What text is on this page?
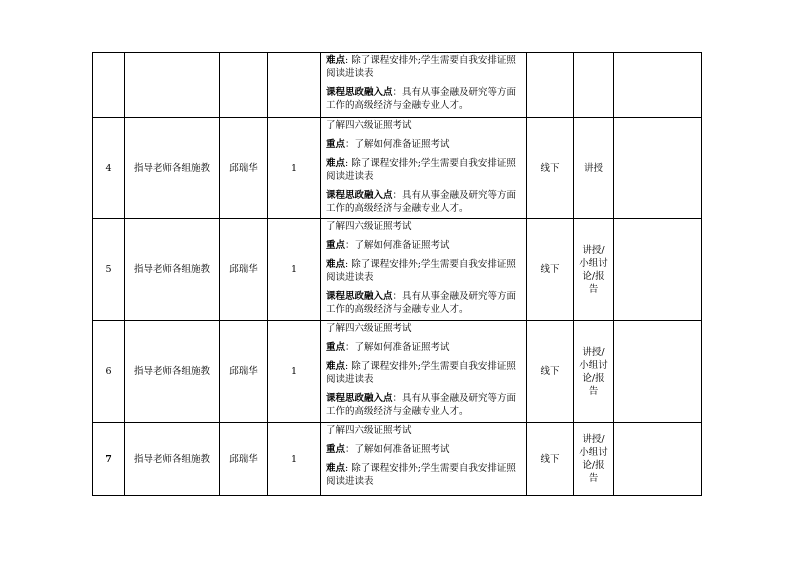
				难点: 除了课程安排外;学生需要自我安排证照阅读进读表
课程思政融入点：具有从事金融及研究等方面工作的高级经济与金融专业人才。			

4	指导老师各组施教	邱瑞华	1	了解四六级证照考试
重点：了解如何准备证照考试
难点: 除了课程安排外;学生需要自我安排证照阅读进读表
课程思政融入点：具有从事金融及研究等方面工作的高级经济与金融专业人才。	线下	讲授	

5	指导老师各组施教	邱瑞华	1	了解四六级证照考试
重点：了解如何准备证照考试
难点: 除了课程安排外;学生需要自我安排证照阅读进读表
课程思政融入点：具有从事金融及研究等方面工作的高级经济与金融专业人才。	线下	讲授/
小组讨
论/报
告	

6	指导老师各组施教	邱瑞华	1	了解四六级证照考试
重点：了解如何准备证照考试
难点: 除了课程安排外;学生需要自我安排证照阅读进读表
课程思政融入点：具有从事金融及研究等方面工作的高级经济与金融专业人才。	线下	讲授/
小组讨
论/报
告	

7	指导老师各组施教	邱瑞华	1	了解四六级证照考试
重点：了解如何准备证照考试
难点: 除了课程安排外;学生需要自我安排证照阅读进读表	线下	讲授/
小组讨
论/报
告	
